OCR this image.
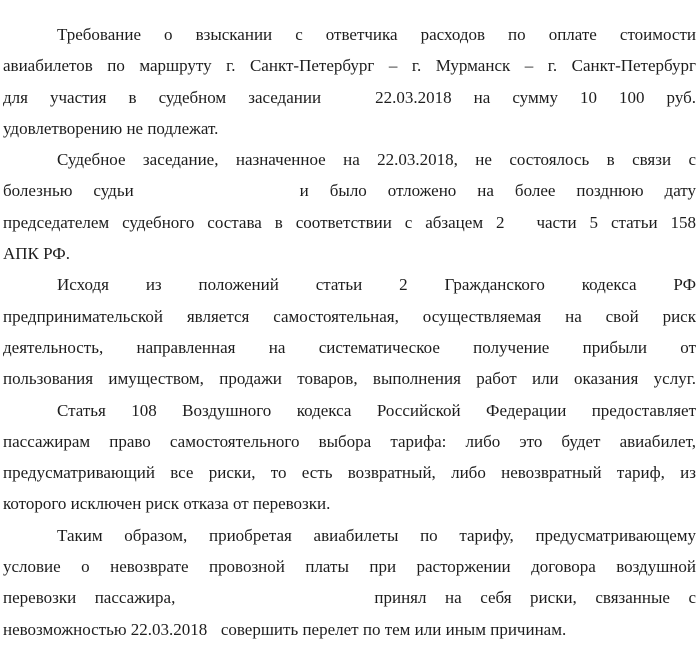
Требование о взыскании с ответчика расходов по оплате стоимости
авиабилетов по маршруту г. Санкт-Петербург – г. Мурманск – г. Санкт-Петербург
для участия в судебном заседании	22.03.2018 на сумму 10 100 руб.
удовлетворению не подлежат.
Судебное заседание, назначенное на 22.03.2018, не состоялось в связи с
болезнью судьи	и было отложено на более позднюю дату
председателем судебного состава в соответствии с абзацем 2 части 5 статьи 158
АПК РФ.
Исходя из положений статьи 2 Гражданского кодекса РФ
предпринимательской является самостоятельная, осуществляемая на свой риск
деятельность, направленная на систематическое получение прибыли от
пользования имуществом, продажи товаров, выполнения работ или оказания услуг.
Статья 108 Воздушного кодекса Российской Федерации предоставляет
пассажирам право самостоятельного выбора тарифа: либо это будет авиабилет,
предусматривающий все риски, то есть возвратный, либо невозвратный тариф, из
которого исключен риск отказа от перевозки.
Таким образом, приобретая авиабилеты по тарифу, предусматривающему
условие о невозврате провозной платы при расторжении договора воздушной
перевозки пассажира,	принял на себя риски, связанные с
невозможностью 22.03.2018 совершить перелет по тем или иным причинам.
